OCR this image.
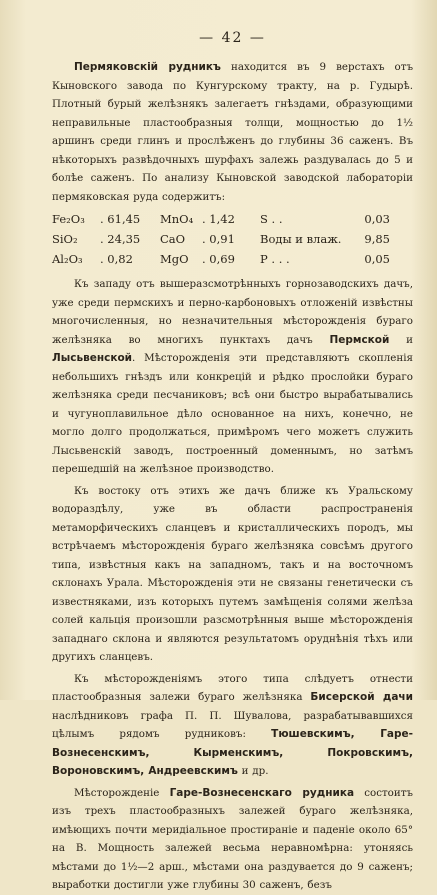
— 42 —

Пермяковскій рудникъ находится въ 9 верстахъ отъ Кыновского завода по Кунгурскому тракту, на р. Гудырѣ. Плотный бурый желѣзнякъ залегаетъ гнѣздами, образующими неправильные пластообразныя толщи, мощностью до 1½ аршинъ среди глинъ и прослѣженъ до глубины 36 саженъ. Въ нѣкоторыхъ развѣдочныхъ шурфахъ залежь раздувалась до 5 и болѣе саженъ. По анализу Кыновской заводской лабораторіи пермяковская руда содержитъ:

Fe₂O₃	. 61,45	MnO₄	. 1,42	S . .	0,03
SiO₂	. 24,35	CaO	. 0,91	Воды и влаж.	9,85
Al₂O₃	. 0,82	MgO	. 0,69	P . . .	0,05

Къ западу отъ вышеразсмотрѣнныхъ горнозаводскихъ дачъ, уже среди пермскихъ и перно-карбоновыхъ отложеній извѣстны многочисленныя, но незначительныя мѣсторожденія бураго желѣзняка во многихъ пунктахъ дачъ Пермской и Лысьвенской. Мѣсторожденія эти представляютъ скопленія небольшихъ гнѣздъ или конкрецій и рѣдко прослойки бураго желѣзняка среди песчаниковъ; всѣ они быстро вырабатывались и чугуноплавильное дѣло основанное на нихъ, конечно, не могло долго продолжаться, примѣромъ чего можетъ служить Лысьвенскій заводъ, построенный доменнымъ, но затѣмъ перешедшій на желѣзное производство.

Къ востоку отъ этихъ же дачъ ближе къ Уральскому водораздѣлу, уже въ области распространенія метаморфическихъ сланцевъ и кристаллическихъ породъ, мы встрѣчаемъ мѣсторожденія бураго желѣзняка совсѣмъ другого типа, извѣстныя какъ на западномъ, такъ и на восточномъ склонахъ Урала. Мѣсторожденія эти не связаны генетически съ известняками, изъ которыхъ путемъ замѣщенія солями желѣза солей кальція произошли разсмотрѣнныя выше мѣсторожденія западнаго склона и являются результатомъ оруднѣнія тѣхъ или другихъ сланцевъ.

Къ мѣсторожденіямъ этого типа слѣдуетъ отнести пластообразныя залежи бураго желѣзняка Бисерской дачи наслѣдниковъ графа П. П. Шувалова, разрабатывавшихся цѣлымъ рядомъ рудниковъ: Тюшевскимъ, Гаре-Вознесенскимъ, Кырменскимъ, Покровскимъ, Вороновскимъ, Андреевскимъ и др.

Мѣсторожденіе Гаре-Вознесенскаго рудника состоитъ изъ трехъ пластообразныхъ залежей бураго желѣзняка, имѣющихъ почти меридіальное простираніе и паденіе около 65° на В. Мощность залежей весьма неравномѣрна: утоняясь мѣстами до 1½—2 арш., мѣстами она раздувается до 9 саженъ; выработки достигли уже глубины 30 саженъ, безъ
